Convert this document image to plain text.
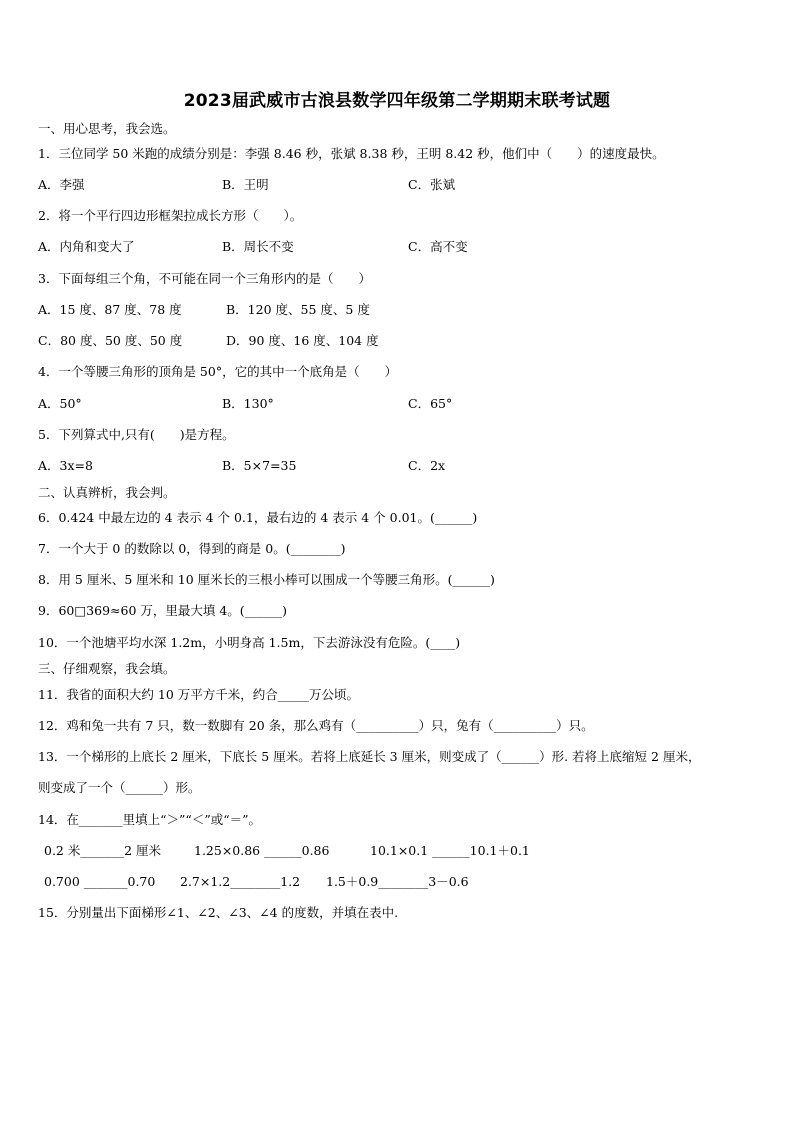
2023届武威市古浪县数学四年级第二学期期末联考试题
一、用心思考，我会选。
1．三位同学 50 米跑的成绩分别是：李强 8.46 秒，张斌 8.38 秒，王明 8.42 秒，他们中（　　）的速度最快。
A．李强	B．王明	C．张斌
2．将一个平行四边形框架拉成长方形（　　）。
A．内角和变大了	B．周长不变	C．高不变
3．下面每组三个角，不可能在同一个三角形内的是（　　）
A．15 度、87 度、78 度	B．120 度、55 度、5 度
C．80 度、50 度、50 度	D．90 度、16 度、104 度
4．一个等腰三角形的顶角是 50°，它的其中一个底角是（　　）
A．50°	B．130°	C．65°
5．下列算式中,只有(　　)是方程。
A．3x=8	B．5×7=35	C．2x
二、认真辨析，我会判。
6．0.424 中最左边的 4 表示 4 个 0.1，最右边的 4 表示 4 个 0.01。(______)
7．一个大于 0 的数除以 0，得到的商是 0。(________)
8．用 5 厘米、5 厘米和 10 厘米长的三根小棒可以围成一个等腰三角形。(______)
9．60□369≈60 万，里最大填 4。(______)
10．一个池塘平均水深 1.2m，小明身高 1.5m，下去游泳没有危险。(____)
三、仔细观察，我会填。
11．我省的面积大约 10 万平方千米，约合_____万公顷。
12．鸡和兔一共有 7 只，数一数脚有 20 条，那么鸡有（__________）只，兔有（__________）只。
13．一个梯形的上底长 2 厘米，下底长 5 厘米。若将上底延长 3 厘米，则变成了（______）形. 若将上底缩短 2 厘米，
则变成了一个（______）形。
14．在_______里填上“＞”“＜”或“＝”。
0.2 米_______2 厘米	1.25×0.86 ______0.86	10.1×0.1 ______10.1＋0.1
0.700 _______0.70 2.7×1.2________1.2 1.5＋0.9________3－0.6
15．分别量出下面梯形∠1、∠2、∠3、∠4 的度数，并填在表中.
